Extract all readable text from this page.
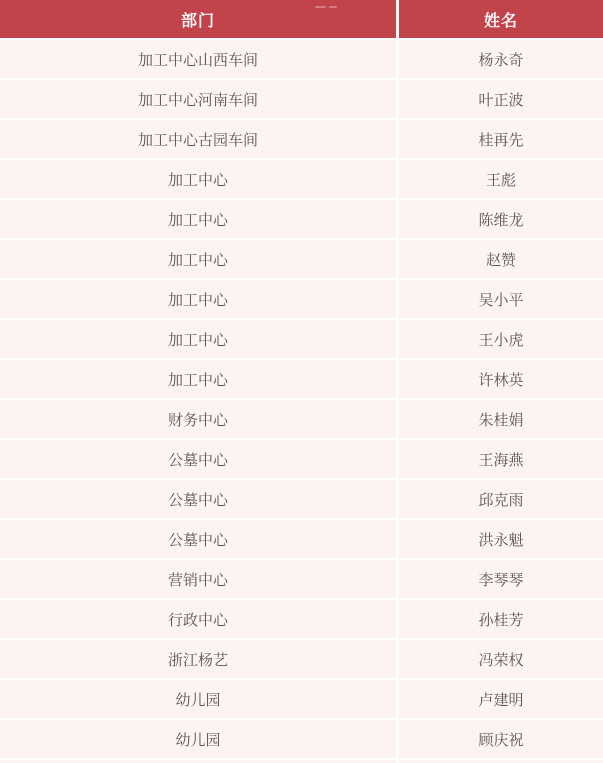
部门	姓名
加工中心山西车间	杨永奇
加工中心河南车间	叶正波
加工中心古园车间	桂再先
加工中心	王彪
加工中心	陈维龙
加工中心	赵赞
加工中心	吴小平
加工中心	王小虎
加工中心	许林英
财务中心	朱桂娟
公墓中心	王海燕
公墓中心	邱克雨
公墓中心	洪永魁
营销中心	李琴琴
行政中心	孙桂芳
浙江杨艺	冯荣权
幼儿园	卢建明
幼儿园	顾庆祝
